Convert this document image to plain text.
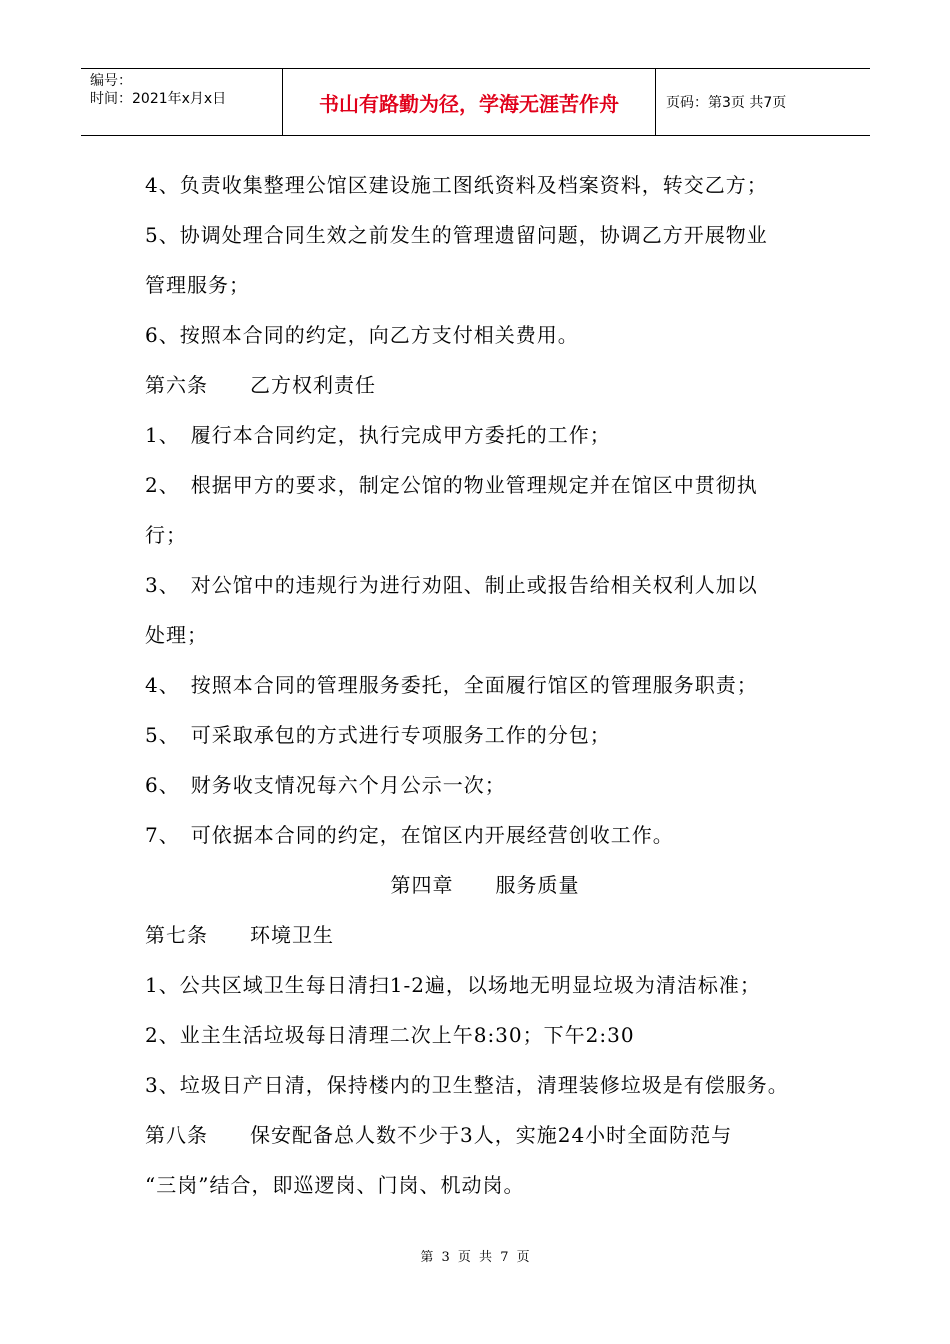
编号：
时间：2021年x月x日	书山有路勤为径，学海无涯苦作舟	页码：第3页 共7页
4、负责收集整理公馆区建设施工图纸资料及档案资料，转交乙方；
5、协调处理合同生效之前发生的管理遗留问题，协调乙方开展物业
管理服务；
6、按照本合同的约定，向乙方支付相关费用。
第六条　　乙方权利责任
1、　履行本合同约定，执行完成甲方委托的工作；
2、　根据甲方的要求，制定公馆的物业管理规定并在馆区中贯彻执
行；
3、　对公馆中的违规行为进行劝阻、制止或报告给相关权利人加以
处理；
4、　按照本合同的管理服务委托，全面履行馆区的管理服务职责；
5、　可采取承包的方式进行专项服务工作的分包；
6、　财务收支情况每六个月公示一次；
7、　可依据本合同的约定，在馆区内开展经营创收工作。
第四章　　服务质量
第七条　　环境卫生
1、公共区域卫生每日清扫1-2遍，以场地无明显垃圾为清洁标准；
2、业主生活垃圾每日清理二次上午8:30；下午2:30
3、垃圾日产日清，保持楼内的卫生整洁，清理装修垃圾是有偿服务。
第八条　　保安配备总人数不少于3人，实施24小时全面防范与
“三岗”结合，即巡逻岗、门岗、机动岗。
第 3 页 共 7 页
